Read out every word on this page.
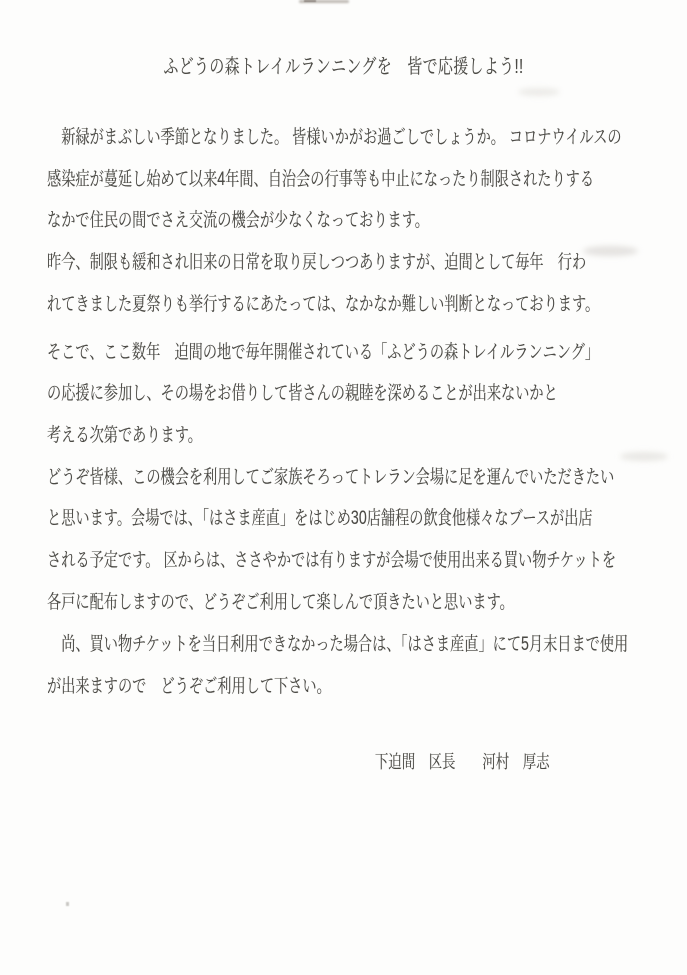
ふどうの森トレイルランニングを　皆で応援しよう!!
新緑がまぶしい季節となりました。 皆様いかがお過ごしでしょうか。 コロナウイルスの
感染症が蔓延し始めて以来4年間、自治会の行事等も中止になったり制限されたりする
なかで住民の間でさえ交流の機会が少なくなっております。
昨今、制限も緩和され旧来の日常を取り戻しつつありますが、迫間として毎年　行わ
れてきました夏祭りも挙行するにあたっては、なかなか難しい判断となっております。
そこで、ここ数年　迫間の地で毎年開催されている「ふどうの森トレイルランニング」
の応援に参加し、その場をお借りして皆さんの親睦を深めることが出来ないかと
考える次第であります。
どうぞ皆様、この機会を利用してご家族そろってトレラン会場に足を運んでいただきたい
と思います。会場では、「はさま産直」をはじめ30店舗程の飲食他様々なブースが出店
される予定です。 区からは、ささやかでは有りますが会場で使用出来る買い物チケットを
各戸に配布しますので、どうぞご利用して楽しんで頂きたいと思います。
尚、買い物チケットを当日利用できなかった場合は、「はさま産直」にて5月末日まで使用
が出来ますので　どうぞご利用して下さい。
下迫間　区長　　河村　厚志
